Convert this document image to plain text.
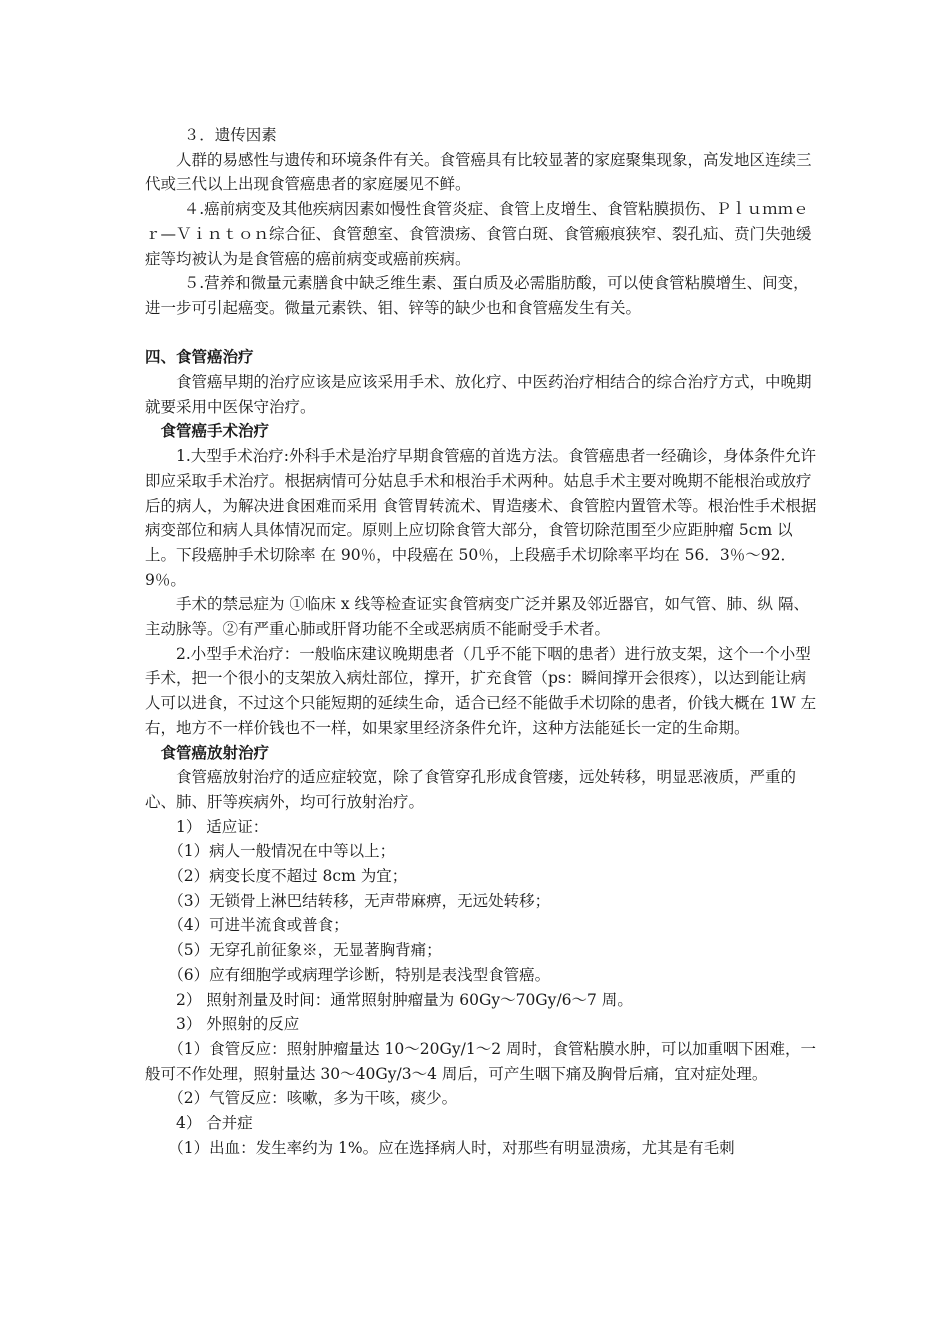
３．遗传因素

人群的易感性与遗传和环境条件有关。食管癌具有比较显著的家庭聚集现象，高发地区连续三代或三代以上出现食管癌患者的家庭屡见不鲜。

４.癌前病变及其他疾病因素如慢性食管炎症、食管上皮增生、食管粘膜损伤、Ｐｌｕｍｍｅｒ—Ｖｉｎｔｏｎ综合征、食管憩室、食管溃疡、食管白斑、食管瘢痕狭窄、裂孔疝、贲门失弛缓症等均被认为是食管癌的癌前病变或癌前疾病。

５.营养和微量元素膳食中缺乏维生素、蛋白质及必需脂肪酸，可以使食管粘膜增生、间变，进一步可引起癌变。微量元素铁、钼、锌等的缺少也和食管癌发生有关。

四、食管癌治疗

食管癌早期的治疗应该是应该采用手术、放化疗、中医药治疗相结合的综合治疗方式，中晚期就要采用中医保守治疗。

食管癌手术治疗

1.大型手术治疗:外科手术是治疗早期食管癌的首选方法。食管癌患者一经确诊，身体条件允许即应采取手术治疗。根据病情可分姑息手术和根治手术两种。姑息手术主要对晚期不能根治或放疗后的病人，为解决进食困难而采用 食管胃转流术、胃造瘘术、食管腔内置管术等。根治性手术根据病变部位和病人具体情况而定。原则上应切除食管大部分，食管切除范围至少应距肿瘤 5cm 以上。下段癌肿手术切除率 在 90％，中段癌在 50％，上段癌手术切除率平均在 56．3％～92．9％。

手术的禁忌症为 ①临床 x 线等检查证实食管病变广泛并累及邻近器官，如气管、肺、纵 隔、主动脉等。②有严重心肺或肝肾功能不全或恶病质不能耐受手术者。

2.小型手术治疗：一般临床建议晚期患者（几乎不能下咽的患者）进行放支架，这个一个小型手术，把一个很小的支架放入病灶部位，撑开，扩充食管（ps：瞬间撑开会很疼），以达到能让病人可以进食，不过这个只能短期的延续生命，适合已经不能做手术切除的患者，价钱大概在 1W 左右，地方不一样价钱也不一样，如果家里经济条件允许，这种方法能延长一定的生命期。

食管癌放射治疗

食管癌放射治疗的适应症较宽，除了食管穿孔形成食管瘘，远处转移，明显恶液质，严重的心、肺、肝等疾病外，均可行放射治疗。

1） 适应证：

（1）病人一般情况在中等以上；

（2）病变长度不超过 8cm 为宜；

（3）无锁骨上淋巴结转移，无声带麻痹，无远处转移；

（4）可进半流食或普食；

（5）无穿孔前征象※，无显著胸背痛；

（6）应有细胞学或病理学诊断，特别是表浅型食管癌。

2） 照射剂量及时间：通常照射肿瘤量为 60Gy～70Gy/6～7 周。

3） 外照射的反应

（1）食管反应：照射肿瘤量达 10～20Gy/1～2 周时，食管粘膜水肿，可以加重咽下困难，一般可不作处理，照射量达 30～40Gy/3～4 周后，可产生咽下痛及胸骨后痛，宜对症处理。

（2）气管反应：咳嗽，多为干咳，痰少。

4） 合并症

（1）出血：发生率约为 1%。应在选择病人时，对那些有明显溃疡，尤其是有毛刺
